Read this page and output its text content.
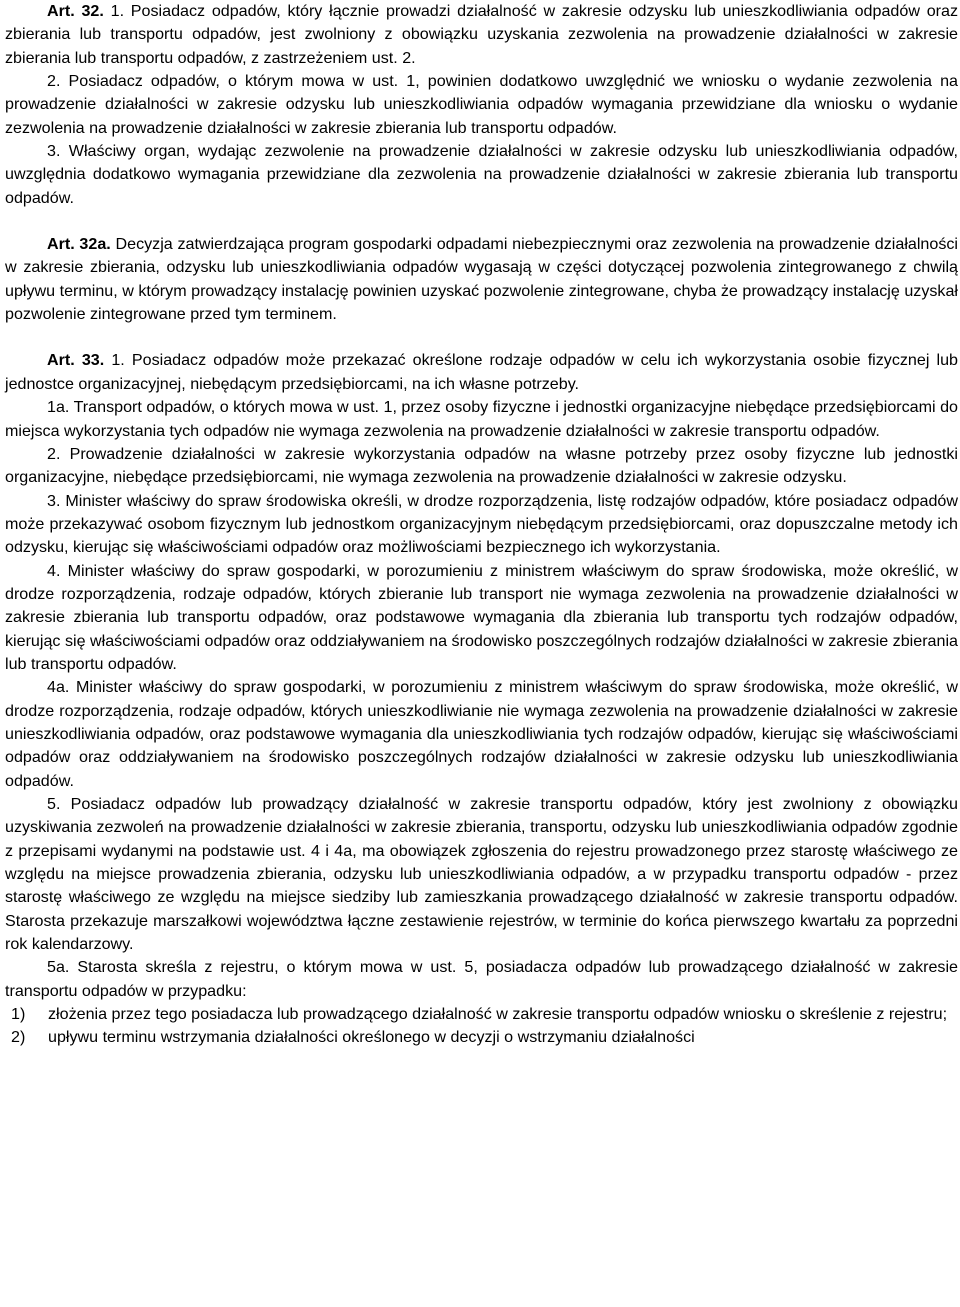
Art. 32. 1. Posiadacz odpadów, który łącznie prowadzi działalność w zakresie odzysku lub unieszkodliwiania odpadów oraz zbierania lub transportu odpadów, jest zwolniony z obowiązku uzyskania zezwolenia na prowadzenie działalności w zakresie zbierania lub transportu odpadów, z zastrzeżeniem ust. 2.

2. Posiadacz odpadów, o którym mowa w ust. 1, powinien dodatkowo uwzględnić we wniosku o wydanie zezwolenia na prowadzenie działalności w zakresie odzysku lub unieszkodliwiania odpadów wymagania przewidziane dla wniosku o wydanie zezwolenia na prowadzenie działalności w zakresie zbierania lub transportu odpadów.

3. Właściwy organ, wydając zezwolenie na prowadzenie działalności w zakresie odzysku lub unieszkodliwiania odpadów, uwzględnia dodatkowo wymagania przewidziane dla zezwolenia na prowadzenie działalności w zakresie zbierania lub transportu odpadów.

Art. 32a. Decyzja zatwierdzająca program gospodarki odpadami niebezpiecznymi oraz zezwolenia na prowadzenie działalności w zakresie zbierania, odzysku lub unieszkodliwiania odpadów wygasają w części dotyczącej pozwolenia zintegrowanego z chwilą upływu terminu, w którym prowadzący instalację powinien uzyskać pozwolenie zintegrowane, chyba że prowadzący instalację uzyskał pozwolenie zintegrowane przed tym terminem.

Art. 33. 1. Posiadacz odpadów może przekazać określone rodzaje odpadów w celu ich wykorzystania osobie fizycznej lub jednostce organizacyjnej, niebędącym przedsiębiorcami, na ich własne potrzeby.

1a. Transport odpadów, o których mowa w ust. 1, przez osoby fizyczne i jednostki organizacyjne niebędące przedsiębiorcami do miejsca wykorzystania tych odpadów nie wymaga zezwolenia na prowadzenie działalności w zakresie transportu odpadów.

2. Prowadzenie działalności w zakresie wykorzystania odpadów na własne potrzeby przez osoby fizyczne lub jednostki organizacyjne, niebędące przedsiębiorcami, nie wymaga zezwolenia na prowadzenie działalności w zakresie odzysku.

3. Minister właściwy do spraw środowiska określi, w drodze rozporządzenia, listę rodzajów odpadów, które posiadacz odpadów może przekazywać osobom fizycznym lub jednostkom organizacyjnym niebędącym przedsiębiorcami, oraz dopuszczalne metody ich odzysku, kierując się właściwościami odpadów oraz możliwościami bezpiecznego ich wykorzystania.

4. Minister właściwy do spraw gospodarki, w porozumieniu z ministrem właściwym do spraw środowiska, może określić, w drodze rozporządzenia, rodzaje odpadów, których zbieranie lub transport nie wymaga zezwolenia na prowadzenie działalności w zakresie zbierania lub transportu odpadów, oraz podstawowe wymagania dla zbierania lub transportu tych rodzajów odpadów, kierując się właściwościami odpadów oraz oddziaływaniem na środowisko poszczególnych rodzajów działalności w zakresie zbierania lub transportu odpadów.

4a. Minister właściwy do spraw gospodarki, w porozumieniu z ministrem właściwym do spraw środowiska, może określić, w drodze rozporządzenia, rodzaje odpadów, których unieszkodliwianie nie wymaga zezwolenia na prowadzenie działalności w zakresie unieszkodliwiania odpadów, oraz podstawowe wymagania dla unieszkodliwiania tych rodzajów odpadów, kierując się właściwościami odpadów oraz oddziaływaniem na środowisko poszczególnych rodzajów działalności w zakresie odzysku lub unieszkodliwiania odpadów.

5. Posiadacz odpadów lub prowadzący działalność w zakresie transportu odpadów, który jest zwolniony z obowiązku uzyskiwania zezwoleń na prowadzenie działalności w zakresie zbierania, transportu, odzysku lub unieszkodliwiania odpadów zgodnie z przepisami wydanymi na podstawie ust. 4 i 4a, ma obowiązek zgłoszenia do rejestru prowadzonego przez starostę właściwego ze względu na miejsce prowadzenia zbierania, odzysku lub unieszkodliwiania odpadów, a w przypadku transportu odpadów - przez starostę właściwego ze względu na miejsce siedziby lub zamieszkania prowadzącego działalność w zakresie transportu odpadów. Starosta przekazuje marszałkowi województwa łączne zestawienie rejestrów, w terminie do końca pierwszego kwartału za poprzedni rok kalendarzowy.

5a. Starosta skreśla z rejestru, o którym mowa w ust. 5, posiadacza odpadów lub prowadzącego działalność w zakresie transportu odpadów w przypadku:

1) złożenia przez tego posiadacza lub prowadzącego działalność w zakresie transportu odpadów wniosku o skreślenie z rejestru;
2) upływu terminu wstrzymania działalności określonego w decyzji o wstrzymaniu działalności
